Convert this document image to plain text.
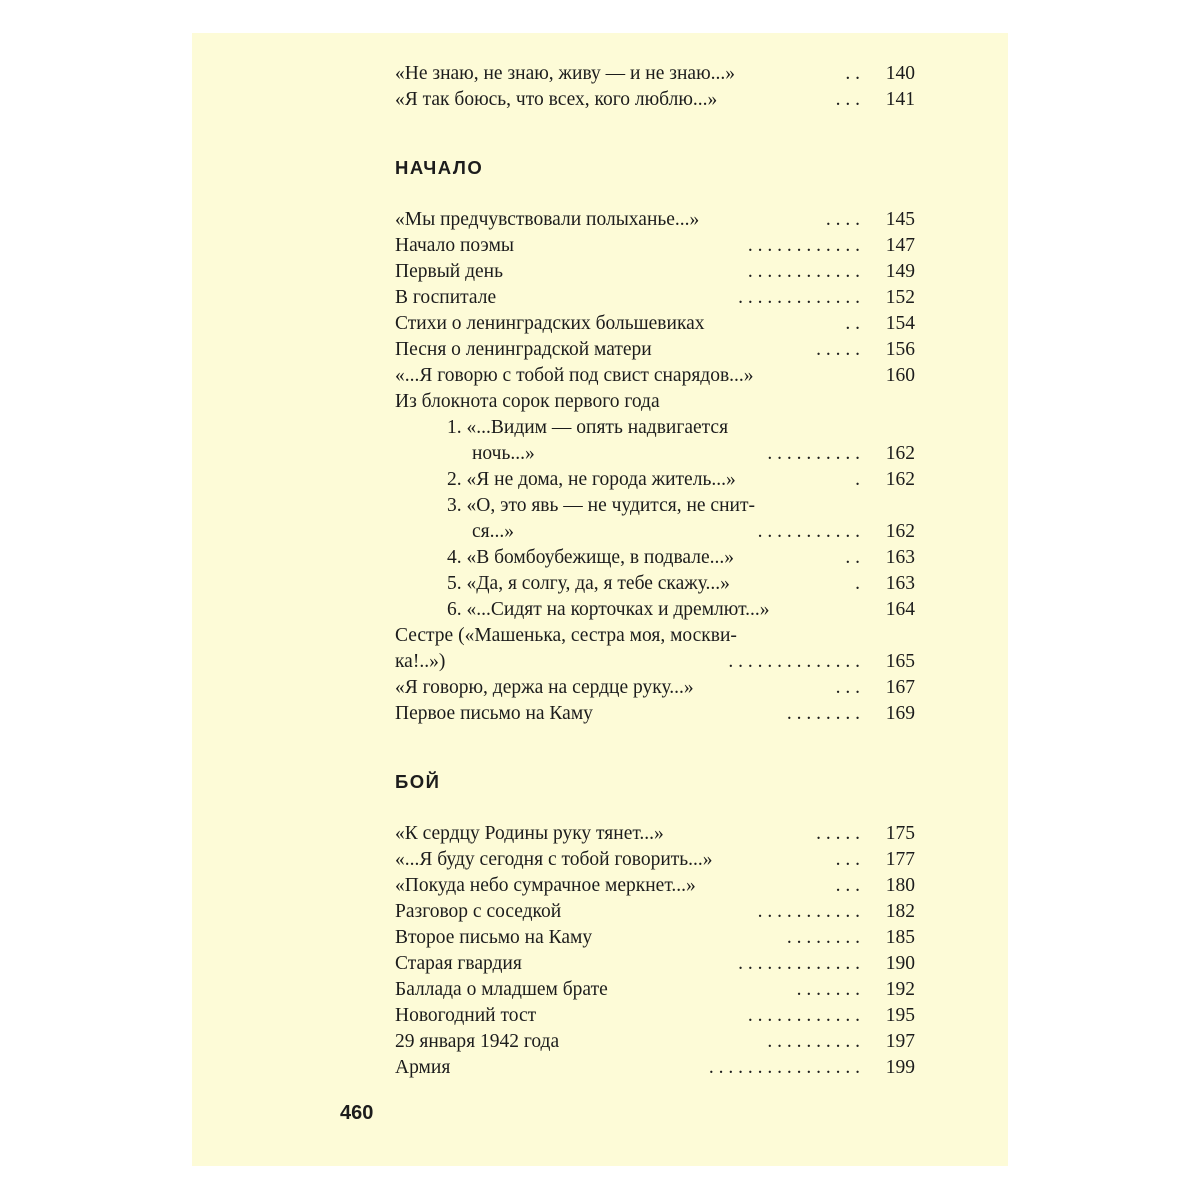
«Не знаю, не знаю, живу — и не знаю...»	. . 140
«Я так боюсь, что всех, кого люблю...»	. . . 141
НАЧАЛО
«Мы предчувствовали полыханье...»	. . . . 145
Начало поэмы	. . . . . . . . . . . . 147
Первый день	. . . . . . . . . . . . 149
В госпитале	. . . . . . . . . . . . . 152
Стихи о ленинградских большевиках	. . 154
Песня о ленинградской матери	. . . . . 156
«...Я говорю с тобой под свист снарядов...»	160
Из блокнота сорок первого года
1. «...Видим — опять надвигается
ночь...»	. . . . . . . . . . 162
2. «Я не дома, не города житель...»	. 162
3. «О, это явь — не чудится, не снит-
ся...»	. . . . . . . . . . . 162
4. «В бомбоубежище, в подвале...»	. . 163
5. «Да, я солгу, да, я тебе скажу...»	. 163
6. «...Сидят на корточках и дремлют...»	164
Сестре («Машенька, сестра моя, москви-
ка!..»)	. . . . . . . . . . . . . . 165
«Я говорю, держа на сердце руку...»	. . . 167
Первое письмо на Каму	. . . . . . . . 169
БОЙ
«К сердцу Родины руку тянет...»	. . . . . 175
«...Я буду сегодня с тобой говорить...»	. . . 177
«Покуда небо сумрачное меркнет...»	. . . 180
Разговор с соседкой	. . . . . . . . . . . 182
Второе письмо на Каму	. . . . . . . . 185
Старая гвардия	. . . . . . . . . . . . . 190
Баллада о младшем брате	. . . . . . . 192
Новогодний тост	. . . . . . . . . . . . 195
29 января 1942 года	. . . . . . . . . . 197
Армия	. . . . . . . . . . . . . . . . 199
460
